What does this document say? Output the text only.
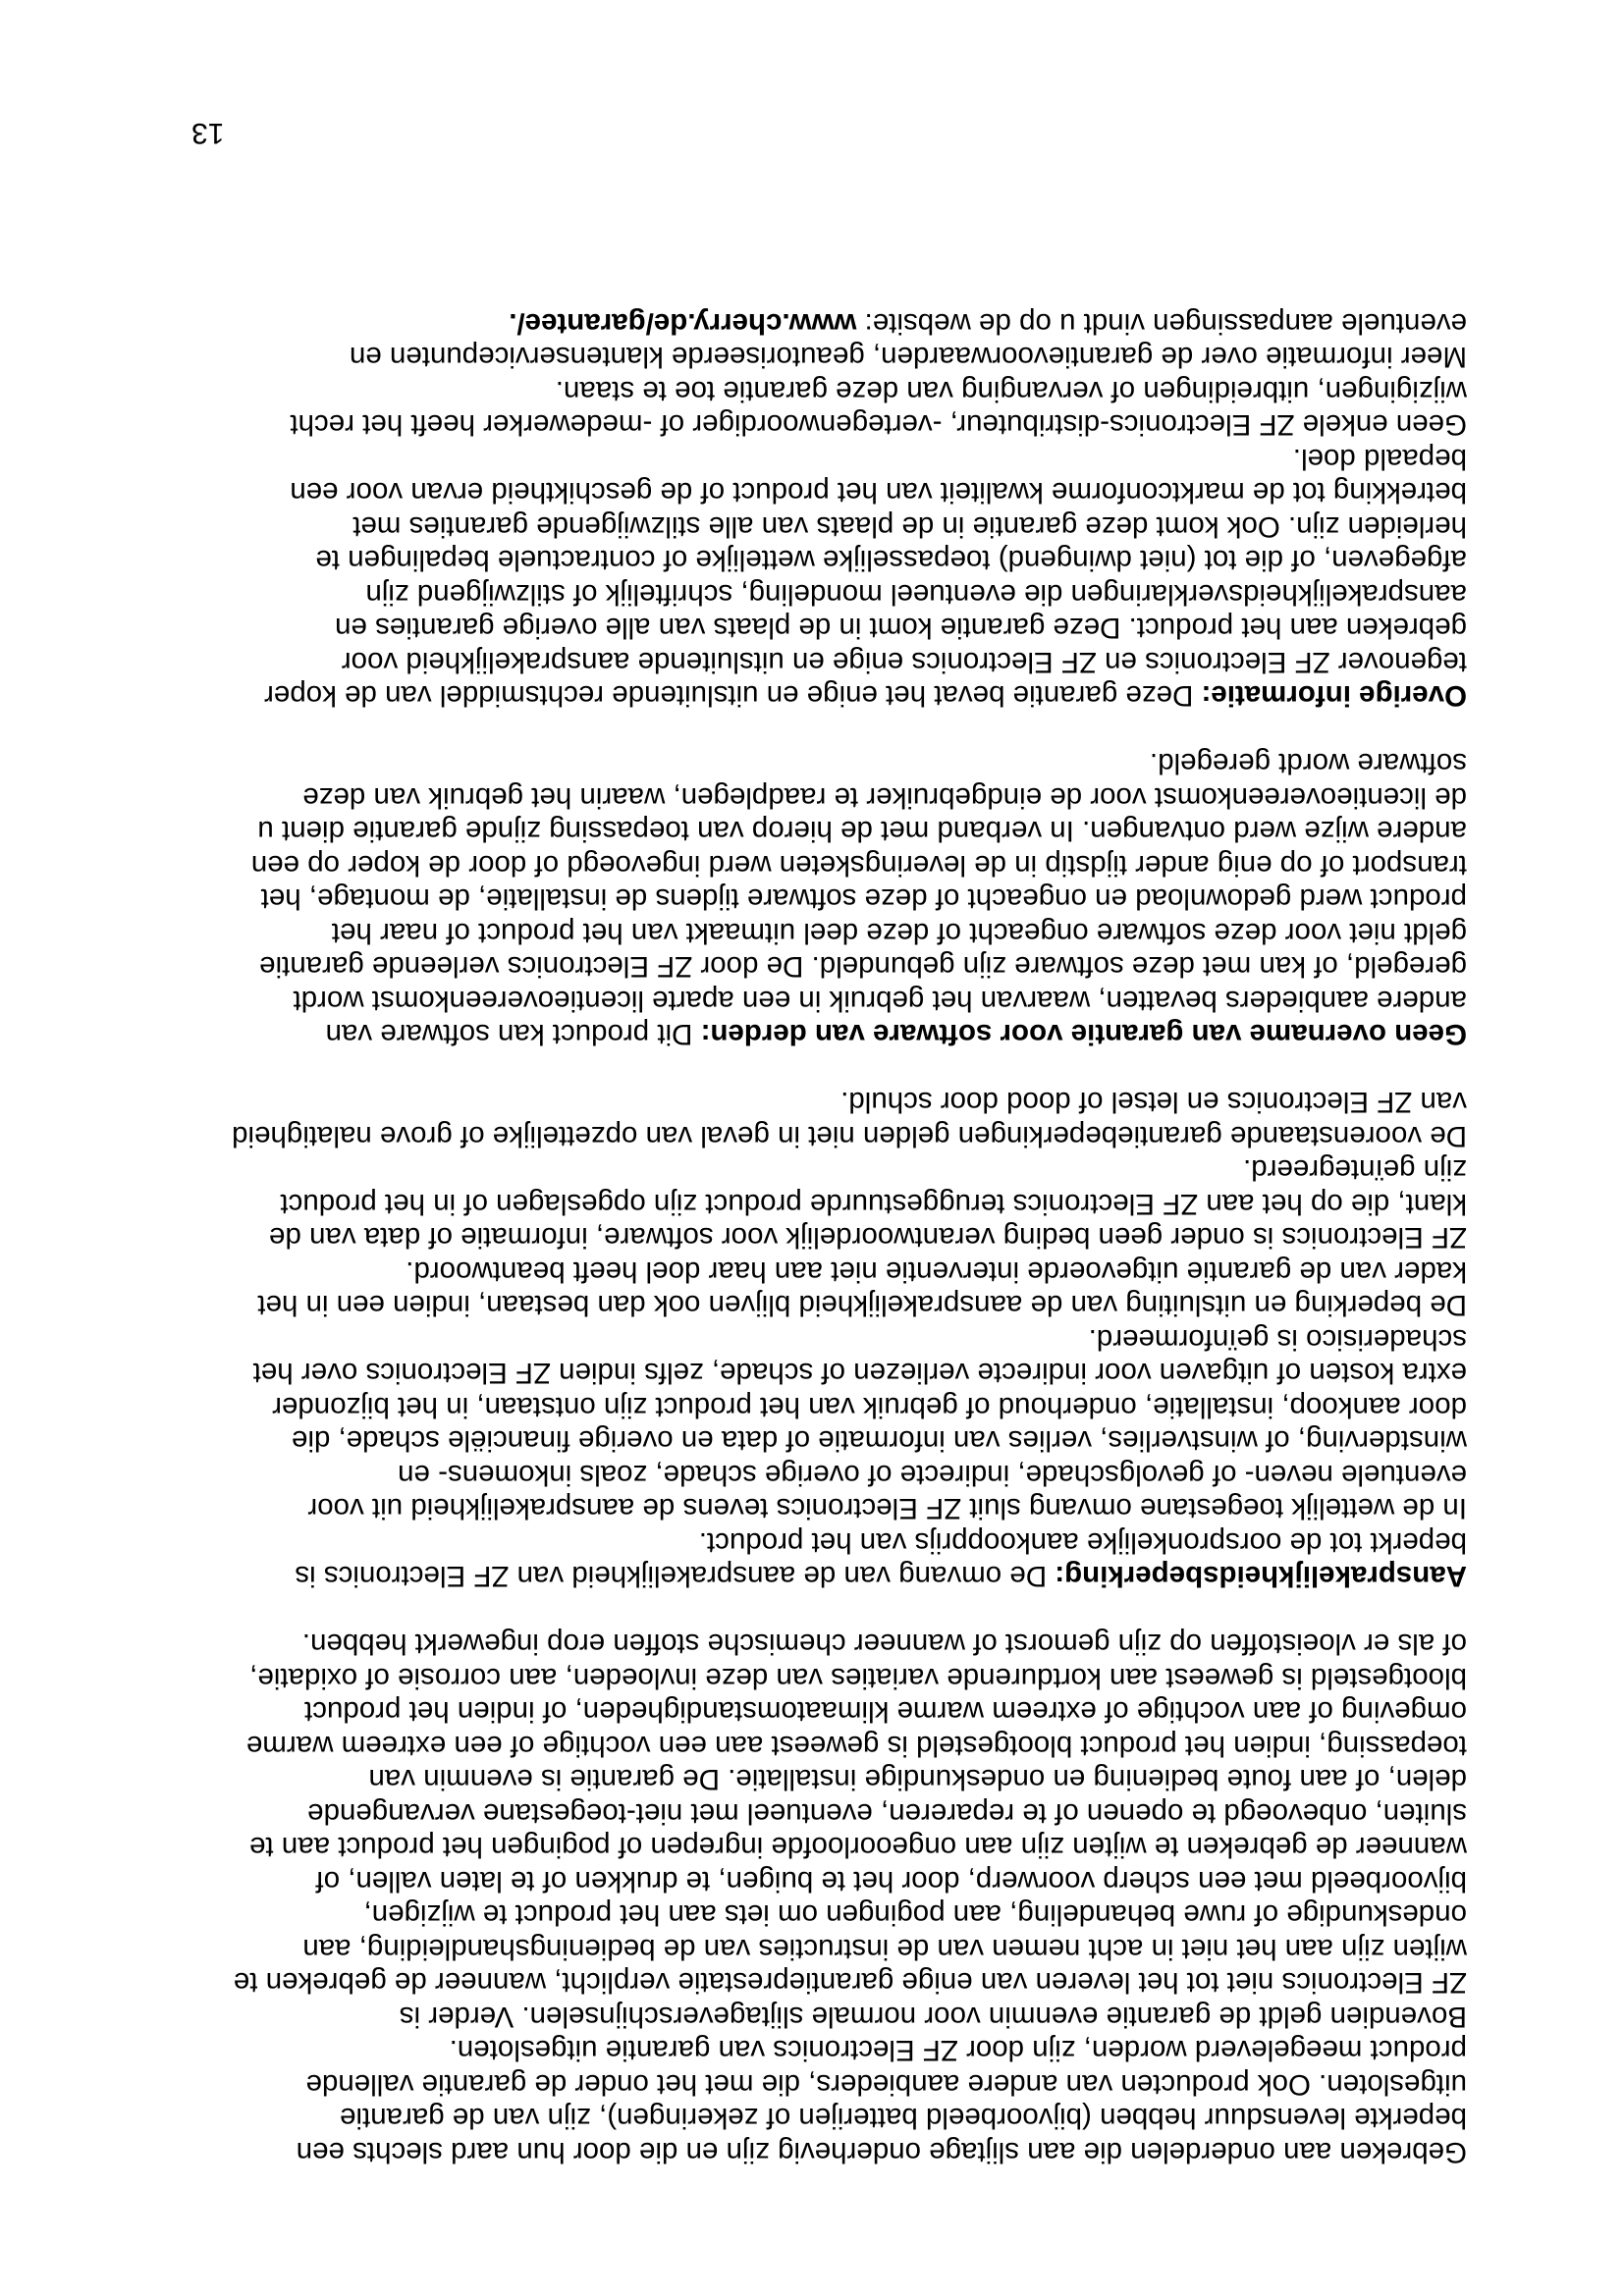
Gebreken aan onderdelen die aan slijtage onderhevig zijn en die door hun aard slechts een
beperkte levensduur hebben (bijvoorbeeld batterijen of zekeringen), zijn van de garantie
uitgesloten. Ook producten van andere aanbieders, die met het onder de garantie vallende
product meegeleverd worden, zijn door ZF Electronics van garantie uitgesloten.
Bovendien geldt de garantie evenmin voor normale slijtageverschijnselen. Verder is
ZF Electronics niet tot het leveren van enige garantieprestatie verplicht, wanneer de gebreken te
wijten zijn aan het niet in acht nemen van de instructies van de bedieningshandleiding, aan
ondeskundige of ruwe behandeling, aan pogingen om iets aan het product te wijzigen,
bijvoorbeeld met een scherp voorwerp, door het te buigen, te drukken of te laten vallen, of
wanneer de gebreken te wijten zijn aan ongeoorloofde ingrepen of pogingen het product aan te
sluiten, onbevoegd te openen of te repareren, eventueel met niet-toegestane vervangende
delen, of aan foute bediening en ondeskundige installatie. De garantie is evenmin van
toepassing, indien het product blootgesteld is geweest aan een vochtige of een extreem warme
omgeving of aan vochtige of extreem warme klimaatomstandigheden, of indien het product
blootgesteld is geweest aan kortdurende variaties van deze invloeden, aan corrosie of oxidatie,
of als er vloeistoffen op zijn gemorst of wanneer chemische stoffen erop ingewerkt hebben.
Aansprakelijkheidsbeperking: De omvang van de aansprakelijkheid van ZF Electronics is
beperkt tot de oorspronkelijke aankoopprijs van het product.
In de wettelijk toegestane omvang sluit ZF Electronics tevens de aansprakelijkheid uit voor
eventuele neven- of gevolgschade, indirecte of overige schade, zoals inkomens- en
winstderving, of winstverlies, verlies van informatie of data en overige financiële schade, die
door aankoop, installatie, onderhoud of gebruik van het product zijn ontstaan, in het bijzonder
extra kosten of uitgaven voor indirecte verliezen of schade, zelfs indien ZF Electronics over het
schaderisico is geïnformeerd.
De beperking en uitsluiting van de aansprakelijkheid blijven ook dan bestaan, indien een in het
kader van de garantie uitgevoerde interventie niet aan haar doel heeft beantwoord.
ZF Electronics is onder geen beding verantwoordelijk voor software, informatie of data van de
klant, die op het aan ZF Electronics teruggestuurde product zijn opgeslagen of in het product
zijn geïntegreerd.
De voorenstaande garantiebeperkingen gelden niet in geval van opzettelijke of grove nalatigheid
van ZF Electronics en letsel of dood door schuld.
Geen overname van garantie voor software van derden: Dit product kan software van
andere aanbieders bevatten, waarvan het gebruik in een aparte licentieovereenkomst wordt
geregeld, of kan met deze software zijn gebundeld. De door ZF Electronics verleende garantie
geldt niet voor deze software ongeacht of deze deel uitmaakt van het product of naar het
product werd gedownload en ongeacht of deze software tijdens de installatie, de montage, het
transport of op enig ander tijdstip in de leveringsketen werd ingevoegd of door de koper op een
andere wijze werd ontvangen. In verband met de hierop van toepassing zijnde garantie dient u
de licentieovereenkomst voor de eindgebruiker te raadplegen, waarin het gebruik van deze
software wordt geregeld.
Overige informatie: Deze garantie bevat het enige en uitsluitende rechtsmiddel van de koper
tegenover ZF Electronics en ZF Electronics enige en uitsluitende aansprakelijkheid voor
gebreken aan het product. Deze garantie komt in de plaats van alle overige garanties en
aansprakelijkheidsverklaringen die eventueel mondeling, schriftelijk of stilzwijgend zijn
afgegeven, of die tot (niet dwingend) toepasselijke wettelijke of contractuele bepalingen te
herleiden zijn. Ook komt deze garantie in de plaats van alle stilzwijgende garanties met
betrekking tot de marktconforme kwaliteit van het product of de geschiktheid ervan voor een
bepaald doel.
Geen enkele ZF Electronics-distributeur, -vertegenwoordiger of -medewerker heeft het recht
wijzigingen, uitbreidingen of vervanging van deze garantie toe te staan.
Meer informatie over de garantievoorwaarden, geautoriseerde klantenservicepunten en
eventuele aanpassingen vindt u op de website: www.cherry.de/garantee/.
13
